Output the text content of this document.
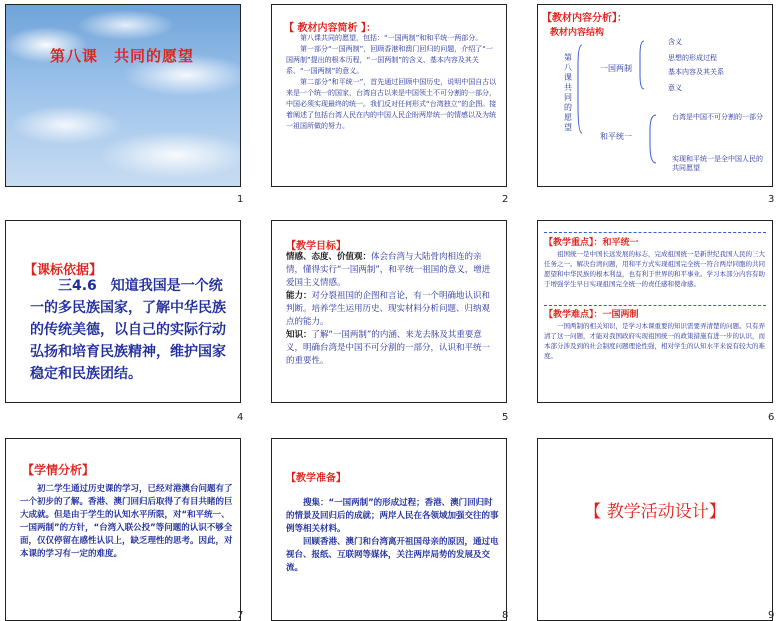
第八课　共同的愿望
1
【 教材内容简析 】：
　　第八课共同的愿望，包括：“一国两制”和和平统一两部分。
　　第一部分“一国两制”，回顾香港和澳门回归的问题，介绍了“一国两制”提出的根本历程，“一国两制”的含义、基本内容及其关系、“一国两制”的意义。
　　第二部分“和平统一”，首先通过回顾中国历史，说明中国自古以来是一个统一的国家，台湾自古以来是中国领土不可分割的一部分，中国必须实现最终的统一。我们反对任何形式“台湾独立”的企图。接着阐述了包括台湾人民在内的中国人民企盼两岸统一的情感以及为统一祖国所做的努力。
2
【教材内容分析】：
教材内容结构
第八课共同的愿望
一国两制
含义
思想的形成过程
基本内容及其关系
意义
和平统一
台湾是中国不可分割的一部分
实现和平统一是全中国人民的共同愿望
3
【课标依据】
　　三4.6　知道我国是一个统一的多民族国家，了解中华民族的传统美德，以自己的实际行动弘扬和培育民族精神，维护国家稳定和民族团结。
4
【教学目标】
情感、态度、价值观：体会台湾与大陆骨肉相连的亲情，懂得实行“一国两制”，和平统一祖国的意义，增进爱国主义情感。
能力：对分裂祖国的企图和言论，有一个明确地认识和判断。培养学生运用历史、现实材料分析问题、归纳观点的能力。
知识：了解“一国两制”的内涵、来龙去脉及其重要意义，明确台湾是中国不可分割的一部分，认识和平统一的重要性。
5
【教学重点】：和平统一
　　祖国统一是中国长远发展的标志，完成祖国统一是新世纪我国人民的三大任务之一。解决台湾问题，用和平方式实现祖国完全统一符合两岸同胞的共同愿望和中华民族的根本利益，也有利于世界的和平事业。学习本部分内容有助于增强学生早日实现祖国完全统一的责任感和使命感。
【教学难点】：一国两制
　　一国两制的相关知识，是学习本课重要的知识需要弄清楚的问题。只有弄清了这一问题，才能对我国政府实现祖国统一的政策措施有进一步的认识，而本部分涉及到的社会制度问题理论性强，相对学生的认知水平来说有较大的难度。
6
【学情分析】
　　初二学生通过历史课的学习，已经对港澳台问题有了一个初步的了解。香港、澳门回归后取得了有目共睹的巨大成就。但是由于学生的认知水平所限，对“和平统一、一国两制”的方针，“台湾入联公投”等问题的认识不够全面，仅仅停留在感性认识上，缺乏理性的思考。因此，对本课的学习有一定的难度。
7
【教学准备】
　　搜集：“一国两制”的形成过程；香港、澳门回归时的情景及回归后的成就；两岸人民在各领域加强交往的事例等相关材料。
　　回顾香港、澳门和台湾离开祖国母亲的原因，通过电视台、报纸、互联网等媒体，关注两岸局势的发展及交流。
8
【 教学活动设计】
9
